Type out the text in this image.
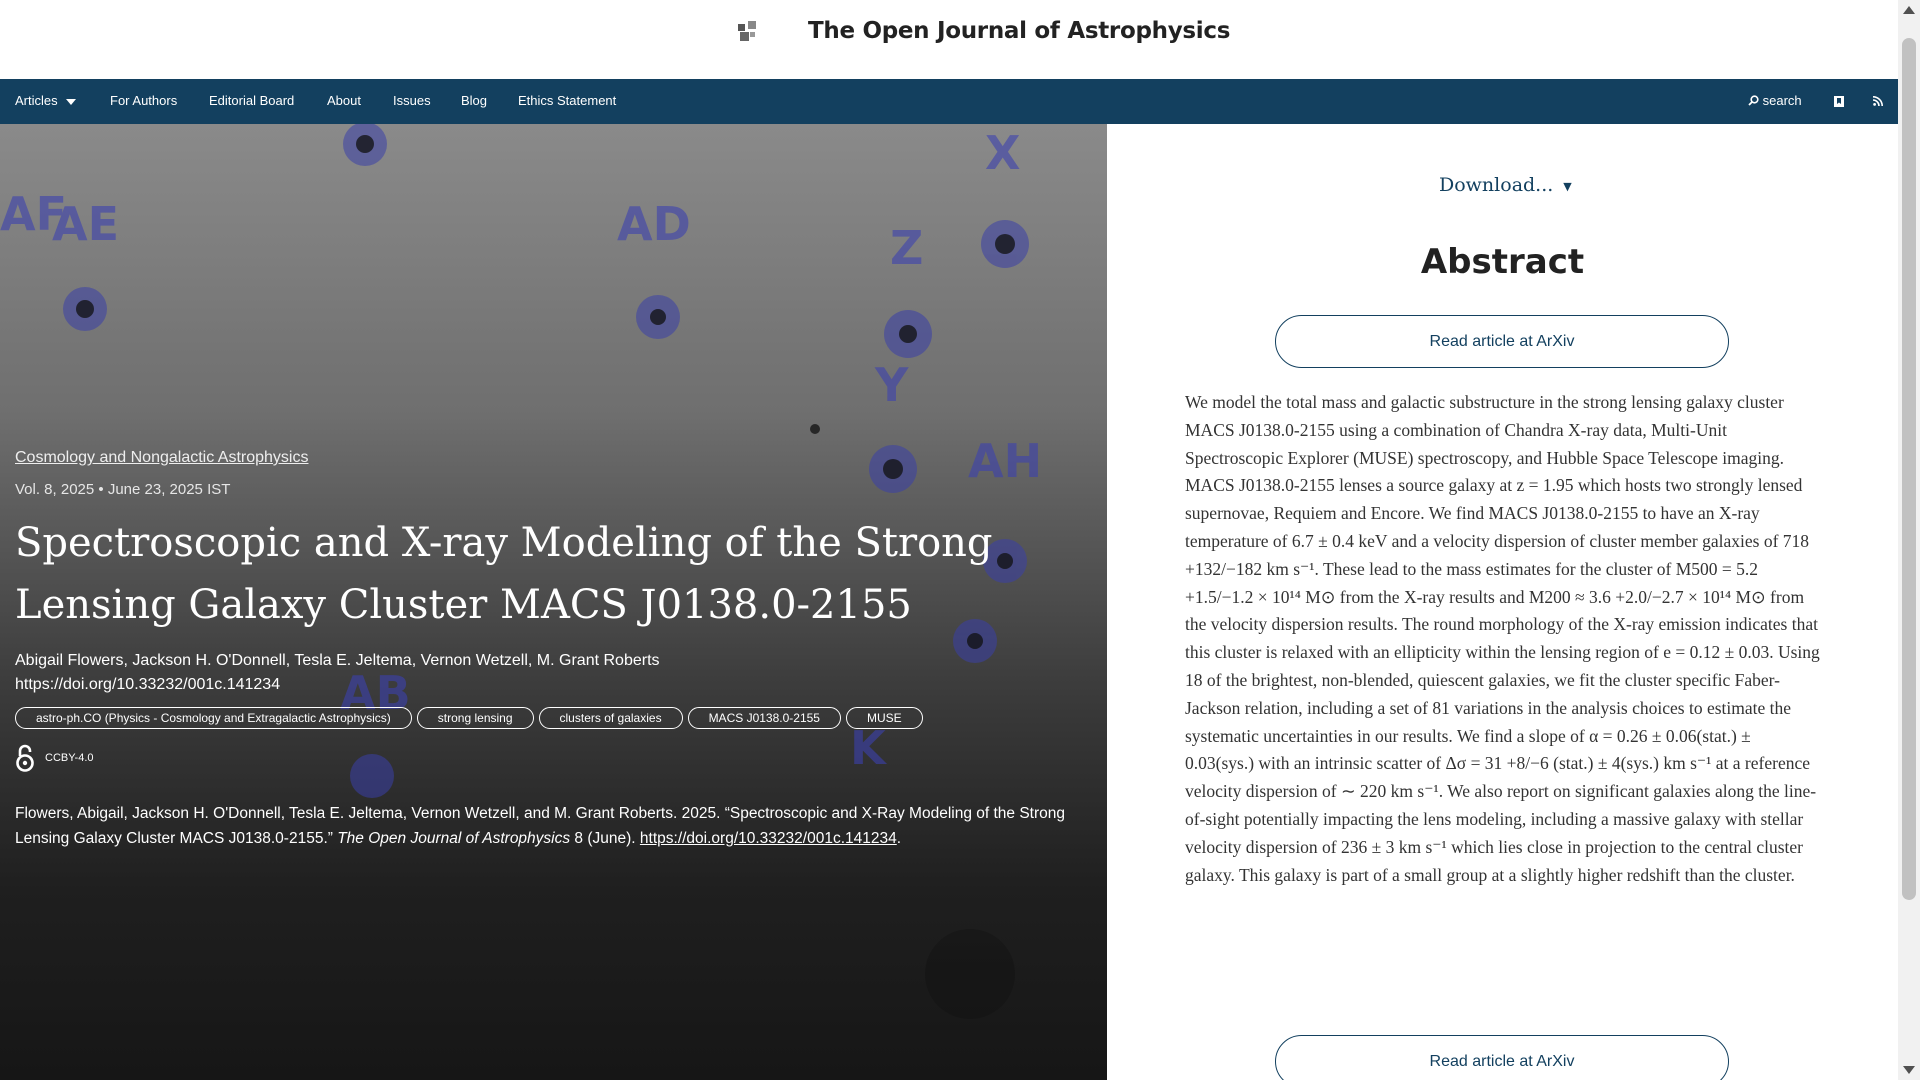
The Open Journal of Astrophysics
Articles	For Authors Editorial Board	About Issues Blog Ethics Statement	search
AF
AE	AD
X
Z
Y
AH
AB
K
Cosmology and Nongalactic Astrophysics
Vol. 8, 2025 • June 23, 2025 IST
Spectroscopic and X-ray Modeling of the Strong Lensing Galaxy Cluster MACS J0138.0-2155
Abigail Flowers, Jackson H. O'Donnell, Tesla E. Jeltema, Vernon Wetzell, M. Grant Roberts
https://doi.org/10.33232/001c.141234
astro-ph.CO (Physics - Cosmology and Extragalactic Astrophysics)	strong lensing	clusters of galaxies	MACS J0138.0-2155	MUSE
CCBY-4.0
Flowers, Abigail, Jackson H. O'Donnell, Tesla E. Jeltema, Vernon Wetzell, and M. Grant Roberts. 2025. “Spectroscopic and X-Ray Modeling of the Strong Lensing Galaxy Cluster MACS J0138.0-2155.” The Open Journal of Astrophysics 8 (June). https://doi.org/10.33232/001c.141234.
Download... ▼
Abstract
Read article at ArXiv
We model the total mass and galactic substructure in the strong lensing galaxy cluster MACS J0138.0-2155 using a combination of Chandra X-ray data, Multi-Unit Spectroscopic Explorer (MUSE) spectroscopy, and Hubble Space Telescope imaging. MACS J0138.0-2155 lenses a source galaxy at z = 1.95 which hosts two strongly lensed supernovae, Requiem and Encore. We find MACS J0138.0-2155 to have an X-ray temperature of 6.7 ± 0.4 keV and a velocity dispersion of cluster member galaxies of 718 +132/−182 km s⁻¹. These lead to the mass estimates for the cluster of M500 = 5.2 +1.5/−1.2 × 10¹⁴ M⊙ from the X-ray results and M200 ≈ 3.6 +2.0/−2.7 × 10¹⁴ M⊙ from the velocity dispersion results. The round morphology of the X-ray emission indicates that this cluster is relaxed with an ellipticity within the lensing region of e = 0.12 ± 0.03. Using 18 of the brightest, non-blended, quiescent galaxies, we fit the cluster specific Faber-Jackson relation, including a set of 81 variations in the analysis choices to estimate the systematic uncertainties in our results. We find a slope of α = 0.26 ± 0.06(stat.) ± 0.03(sys.) with an intrinsic scatter of Δσ = 31 +8/−6 (stat.) ± 4(sys.) km s⁻¹ at a reference velocity dispersion of ∼ 220 km s⁻¹. We also report on significant galaxies along the line-of-sight potentially impacting the lens modeling, including a massive galaxy with stellar velocity dispersion of 236 ± 3 km s⁻¹ which lies close in projection to the central cluster galaxy. This galaxy is part of a small group at a slightly higher redshift than the cluster.
Read article at ArXiv
